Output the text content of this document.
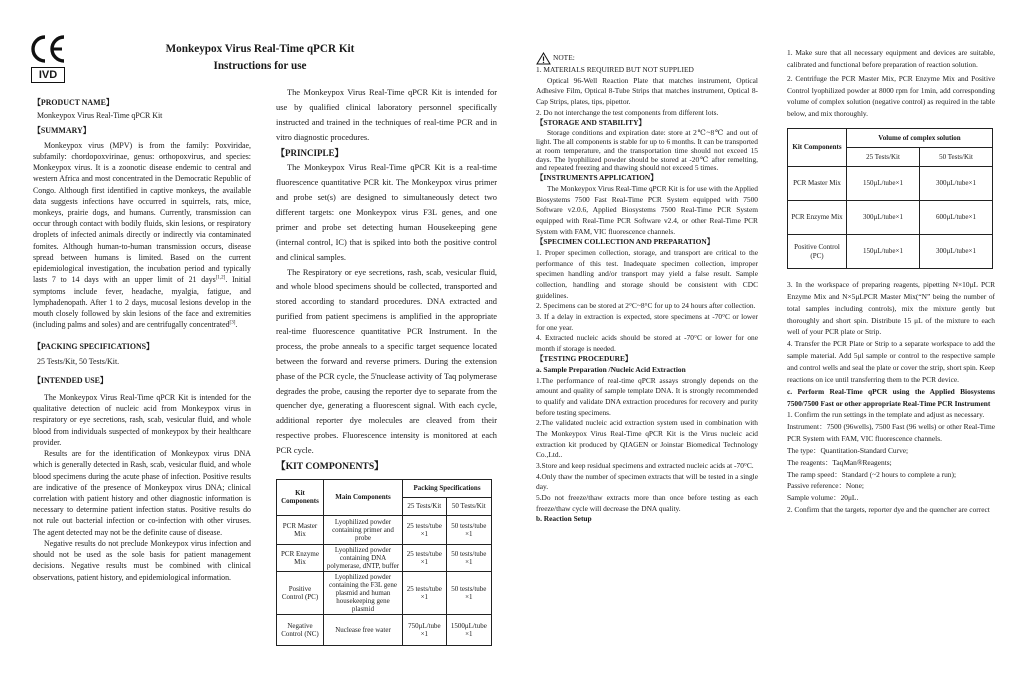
IVD
Monkeypox Virus Real-Time qPCR Kit
Instructions for use

【PRODUCT NAME】

Monkeypox Virus Real-Time qPCR Kit

【SUMMARY】

Monkeypox virus (MPV) is from the family: Poxviridae, subfamily: chordopoxvirinae, genus: orthopoxvirus, and species: Monkeypox virus. It is a zoonotic disease endemic to central and western Africa and most concentrated in the Democratic Republic of Congo. Although first identified in captive monkeys, the available data suggests infections have occurred in squirrels, rats, mice, monkeys, prairie dogs, and humans. Currently, transmission can occur through contact with bodily fluids, skin lesions, or respiratory droplets of infected animals directly or indirectly via contaminated fomites. Although human-to-human transmission occurs, disease spread between humans is limited. Based on the current epidemiological investigation, the incubation period and typically lasts 7 to 14 days with an upper limit of 21 days[1,2]. Initial symptoms include fever, headache, myalgia, fatigue, and lymphadenopath. After 1 to 2 days, mucosal lesions develop in the mouth closely followed by skin lesions of the face and extremities (including palms and soles) and are centrifugally concentrated[3].

【PACKING SPECIFICATIONS】

25 Tests/Kit, 50 Tests/Kit.

【INTENDED USE】

The Monkeypox Virus Real-Time qPCR Kit is intended for the qualitative detection of nucleic acid from Monkeypox virus in respiratory or eye secretions, rash, scab, vesicular fluid, and whole blood from individuals suspected of monkeypox by their healthcare provider.

Results are for the identification of Monkeypox virus DNA which is generally detected in Rash, scab, vesicular fluid, and whole blood specimens during the acute phase of infection. Positive results are indicative of the presence of Monkeypox virus DNA; clinical correlation with patient history and other diagnostic information is necessary to determine patient infection status. Positive results do not rule out bacterial infection or co-infection with other viruses. The agent detected may not be the definite cause of disease.

Negative results do not preclude Monkeypox virus infection and should not be used as the sole basis for patient management decisions. Negative results must be combined with clinical observations, patient history, and epidemiological information.

The Monkeypox Virus Real-Time qPCR Kit is intended for use by qualified clinical laboratory personnel specifically instructed and trained in the techniques of real-time PCR and in vitro diagnostic procedures.

【PRINCIPLE】

The Monkeypox Virus Real-Time qPCR Kit is a real-time fluorescence quantitative PCR kit. The Monkeypox virus primer and probe set(s) are designed to simultaneously detect two different targets: one Monkeypox virus F3L genes, and one primer and probe set detecting human Housekeeping gene (internal control, IC) that is spiked into both the positive control and clinical samples.

The Respiratory or eye secretions, rash, scab, vesicular fluid, and whole blood specimens should be collected, transported and stored according to standard procedures. DNA extracted and purified from patient specimens is amplified in the appropriate real-time fluorescence quantitative PCR Instrument. In the process, the probe anneals to a specific target sequence located between the forward and reverse primers. During the extension phase of the PCR cycle, the 5'nuclease activity of Taq polymerase degrades the probe, causing the reporter dye to separate from the quencher dye, generating a fluorescent signal. With each cycle, additional reporter dye molecules are cleaved from their respective probes. Fluorescence intensity is monitored at each PCR cycle.

【KIT COMPONENTS】

Kit Components	Main Components	Packing Specifications	
		25 Tests/Kit	50 Tests/Kit
PCR Master Mix	Lyophilized powder containing primer and probe	25 tests/tube ×1	50 tests/tube ×1
PCR Enzyme Mix	Lyophilized powder containing DNA polymerase, dNTP, buffer	25 tests/tube ×1	50 tests/tube ×1
Positive Control (PC)	Lyophilized powder containing the F3L gene plasmid and human housekeeping gene plasmid	25 tests/tube ×1	50 tests/tube ×1
Negative Control (NC)	Nuclease free water	750μL/tube ×1	1500μL/tube ×1

NOTE:

1. MATERIALS REQUIRED BUT NOT SUPPLIED

Optical 96-Well Reaction Plate that matches instrument, Optical Adhesive Film, Optical 8-Tube Strips that matches instrument, Optical 8-Cap Strips, plates, tips, pipettor.

2. Do not interchange the test components from different lots.

【STORAGE AND STABILITY】

Storage conditions and expiration date: store at 2℃~8℃ and out of light. The all components is stable for up to 6 months. It can be transported at room temperature, and the transportation time should not exceed 15 days. The lyophilized powder should be stored at -20℃ after remelting, and repeated freezing and thawing should not exceed 5 times.

【INSTRUMENTS APPLICATION】

The Monkeypox Virus Real-Time qPCR Kit is for use with the Applied Biosystems 7500 Fast Real-Time PCR System equipped with 7500 Software v2.0.6, Applied Biosystems 7500 Real-Time PCR System equipped with Real-Time PCR Software v2.4, or other Real-Time PCR System with FAM, VIC fluorescence channels.

【SPECIMEN COLLECTION AND PREPARATION】

1. Proper specimen collection, storage, and transport are critical to the performance of this test. Inadequate specimen collection, improper specimen handling and/or transport may yield a false result. Sample collection, handling and storage should be consistent with CDC guidelines.

2. Specimens can be stored at 2°C~8°C for up to 24 hours after collection.

3. If a delay in extraction is expected, store specimens at -70°C or lower for one year.

4. Extracted nucleic acids should be stored at -70°C or lower for one month if storage is needed.

【TESTING PROCEDURE】

a. Sample Preparation /Nucleic Acid Extraction

1.The performance of real-time qPCR assays strongly depends on the amount and quality of sample template DNA. It is strongly recommended to qualify and validate DNA extraction procedures for recovery and purity before testing specimens.

2.The validated nucleic acid extraction system used in combination with The Monkeypox Virus Real-Time qPCR Kit is the Virus nucleic acid extraction kit produced by QIAGEN or Joinstar Biomedical Technology Co.,Ltd..

3.Store and keep residual specimens and extracted nucleic acids at -70°C.

4.Only thaw the number of specimen extracts that will be tested in a single day.

5.Do not freeze/thaw extracts more than once before testing as each freeze/thaw cycle will decrease the DNA quality.

b. Reaction Setup

1. Make sure that all necessary equipment and devices are suitable, calibrated and functional before preparation of reaction solution.

2. Centrifuge the PCR Master Mix, PCR Enzyme Mix and Positive Control lyophilized powder at 8000 rpm for 1min, add corresponding volume of complex solution (negative control) as required in the table below, and mix thoroughly.

Kit Components	Volume of complex solution	
	25 Tests/Kit	50 Tests/Kit
PCR Master Mix	150μL/tube×1	300μL/tube×1
PCR Enzyme Mix	300μL/tube×1	600μL/tube×1
Positive Control (PC)	150μL/tube×1	300μL/tube×1

3. In the workspace of preparing reagents, pipetting N×10μL PCR Enzyme Mix and N×5μLPCR Master Mix(“N” being the number of total samples including controls), mix the mixture gently but thoroughly and short spin. Distribute 15 μL of the mixture to each well of your PCR plate or Strip.

4. Transfer the PCR Plate or Strip to a separate workspace to add the sample material. Add 5μl sample or control to the respective sample and control wells and seal the plate or cover the strip, short spin. Keep reactions on ice until transferring them to the PCR device.

c. Perform Real-Time qPCR using the Applied Biosystems 7500/7500 Fast or other appropriate Real-Time PCR Instrument

1. Confirm the run settings in the template and adjust as necessary.

Instrument：7500 (96wells), 7500 Fast (96 wells) or other Real-Time PCR System with FAM, VIC fluorescence channels.

The type：Quantitation-Standard Curve;

The reagents：TaqMan®Reagents;

The ramp speed：Standard (~2 hours to complete a run);

Passive reference：None;

Sample volume：20μL.

2. Confirm that the targets, reporter dye and the quencher are correct
